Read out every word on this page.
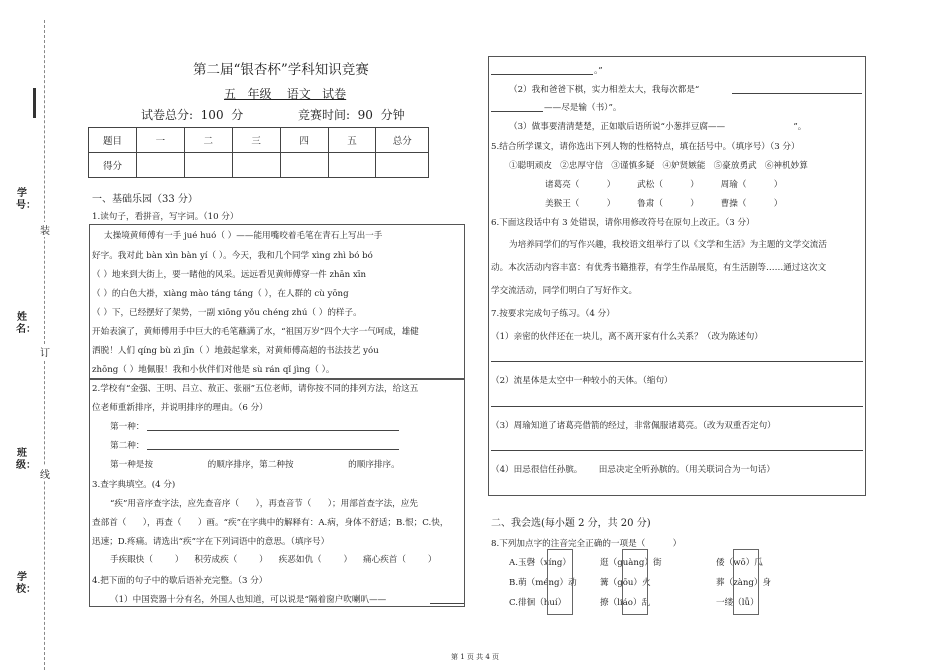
学号：
姓名：
班级：
学校：
装
订
线
第二届“银杏杯”学科知识竞赛
五   年级    语文   试卷
试卷总分:  100  分	竞赛时间:  90  分钟
题目	一	二	三	四	五	总分
得分						
一、基础乐园（33 分）
1.读句子，看拼音，写字词。（10 分）
太操境黄师傅有一手 jué huó（ ）——能用嘴咬着毛笔在青石上写出一手
好字。我对此 bàn xìn bàn yí（ ）。今天，我和几个同学 xìng zhì bó bó
（ ）地来到大街上，要一睹他的风采。远远看见黄师傅穿一件 zhān xīn
（ ）的白色大褂，xiàng mào táng táng（ ），在人群的 cù yōng
（ ）下，已经摆好了架势，一副 xiōng yǒu chéng zhú（ ）的样子。
开始表演了，黄师傅用手中巨大的毛笔蘸满了水，“祖国万岁”四个大字一气呵成，雄健
洒脱！人们 qíng bù zì jīn（ ）地鼓起掌来，对黄师傅高超的书法技艺 yóu
zhōng（ ）地佩服！我和小伙伴们对他是 sù rán qǐ jìng（ ）。
2.学校有“金强、王明、吕立、敖正、张丽”五位老师，请你按不同的排列方法，给这五
位老师重新排序，并说明排序的理由。（6 分）
第一种：
第二种：
第一种是按                    的顺序排序，第二种按                    的顺序排序。
3.查字典填空。(4 分)
“疾”用音序查字法，应先查音序（      ），再查音节（      ）；用部首查字法，应先
查部首（      ），再查（      ）画。“疾”在字典中的解释有：A.病，身体不舒适；B.恨；C.快，
迅速；D.疼痛。请选出“疾”字在下列词语中的意思。（填序号）
手疾眼快（        ）    积劳成疾（        ）    疾恶如仇（        ）    痛心疾首（        ）
4.把下面的句子中的歇后语补充完整。（3 分）
（1）中国瓷器十分有名，外国人也知道，可以说是“隔着窗户吹喇叭——
。”
（2）我和爸爸下棋，实力相差太大，我每次都是“
——尽是输（书）”。
（3）做事要清清楚楚，正如歇后语所说“小葱拌豆腐——                         ”。
5.结合所学课文，请你选出下列人物的性格特点，填在括号中。（填序号）（3 分）
①聪明顽皮   ②忠厚守信   ③谨慎多疑   ④妒贤嫉能   ⑤豪放勇武   ⑥神机妙算
诸葛亮（          ）        武松（          ）        周瑜（          ）
美猴王（          ）        鲁肃（          ）        曹操（          ）
6.下面这段话中有 3 处错误，请你用修改符号在原句上改正。（3 分）
为培养同学们的写作兴趣，我校语文组举行了以《文学和生活》为主题的文学交流活
动。本次活动内容丰富：有优秀书籍推荐，有学生作品展览，有生活剧等……通过这次文
学交流活动，同学们明白了写好作文。
7.按要求完成句子练习。（4 分）
（1）亲密的伙伴还在一块儿，离不离开家有什么关系？（改为陈述句）
（2）流星体是太空中一种较小的天体。（缩句）
（3）周瑜知道了诸葛亮借箭的经过，非常佩服诸葛亮。（改为双重否定句）
（4）田忌很信任孙膑。      田忌决定全听孙膑的。（用关联词合为一句话）
二、我会选(每小题 2 分，共 20 分)
8.下列加点字的注音完全正确的一项是（          ）
A.玉磬（xíng）	逛（guàng）街	倭（wō）瓜
B.萌（méng）动	篝（gōu）火	葬（zàng）身
C.徘徊（huí）	撩（liáo）乱	一缕（lǚ）
第 1 页 共 4 页
